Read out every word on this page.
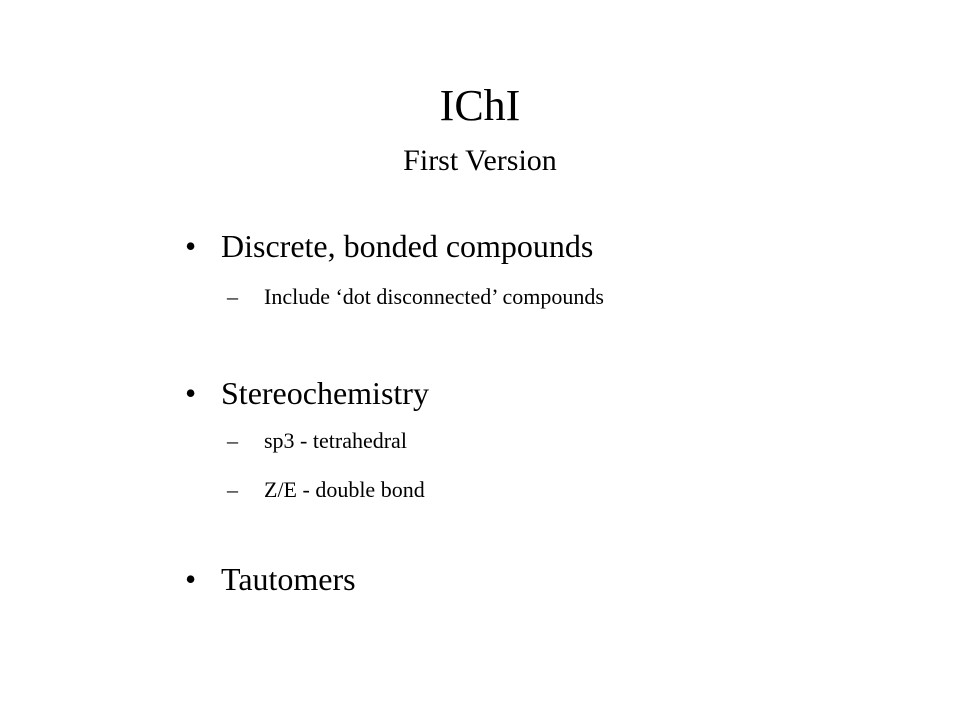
IChI
First Version
• Discrete, bonded compounds
– Include ‘dot disconnected’ compounds
• Stereochemistry
– sp3 - tetrahedral
– Z/E - double bond
• Tautomers
